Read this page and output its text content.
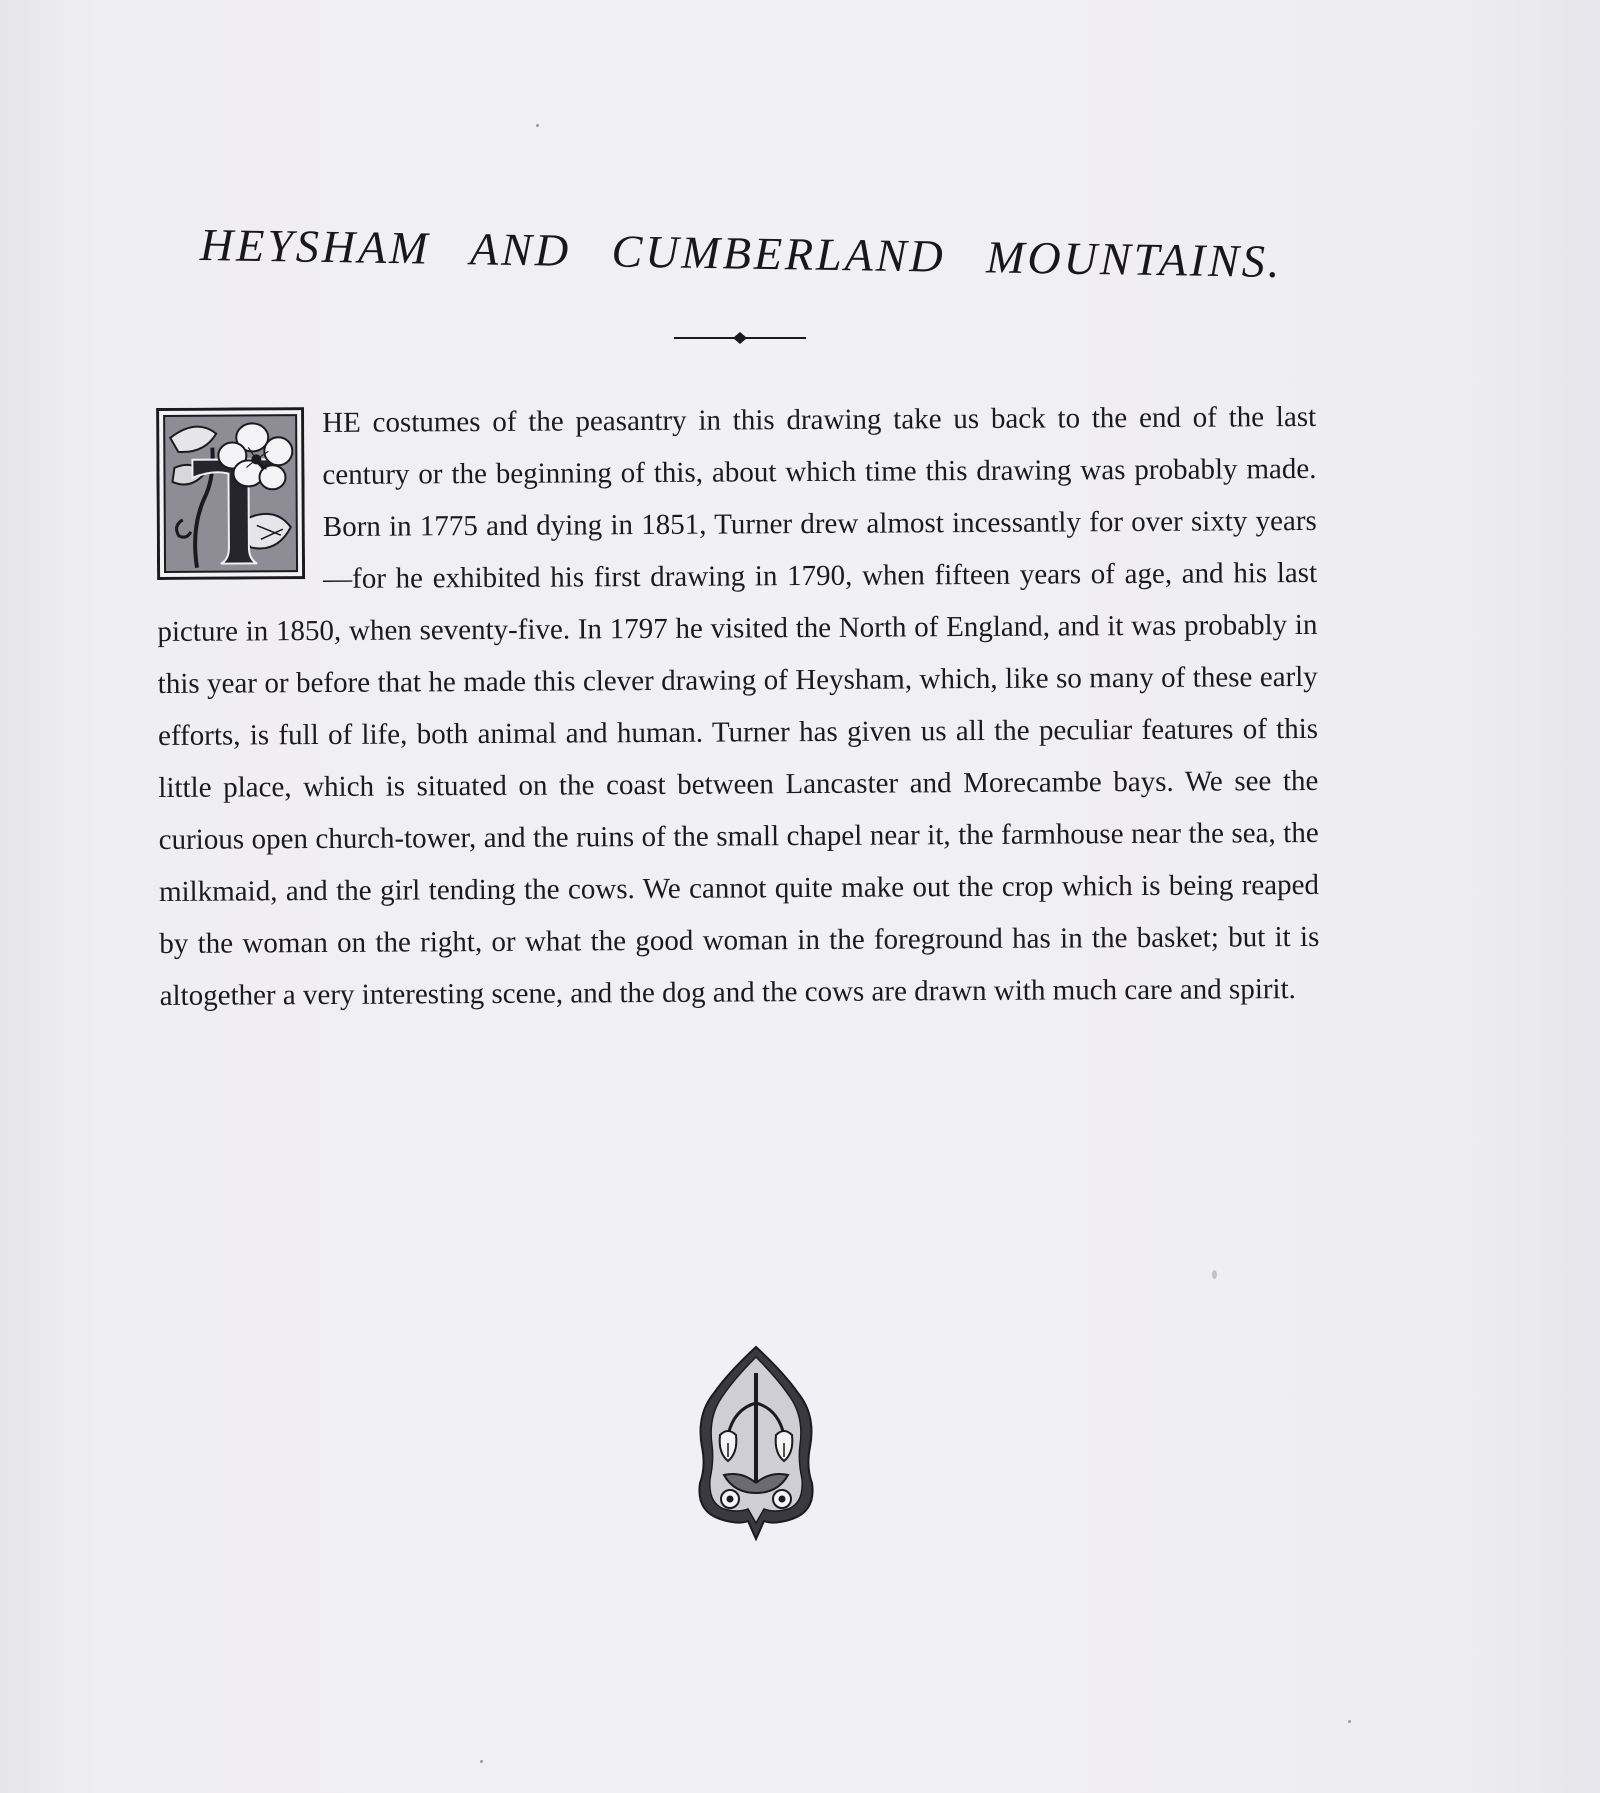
HEYSHAM AND CUMBERLAND MOUNTAINS.

HE costumes of the peasantry in this drawing take us back to the end of the last century or the beginning of this, about which time this drawing was probably made. Born in 1775 and dying in 1851, Turner drew almost incessantly for over sixty years—for he exhibited his first drawing in 1790, when fifteen years of age, and his last picture in 1850, when seventy-five. In 1797 he visited the North of England, and it was probably in this year or before that he made this clever drawing of Heysham, which, like so many of these early efforts, is full of life, both animal and human. Turner has given us all the peculiar features of this little place, which is situated on the coast between Lancaster and Morecambe bays. We see the curious open church-tower, and the ruins of the small chapel near it, the farmhouse near the sea, the milkmaid, and the girl tending the cows. We cannot quite make out the crop which is being reaped by the woman on the right, or what the good woman in the foreground has in the basket; but it is altogether a very interesting scene, and the dog and the cows are drawn with much care and spirit.
